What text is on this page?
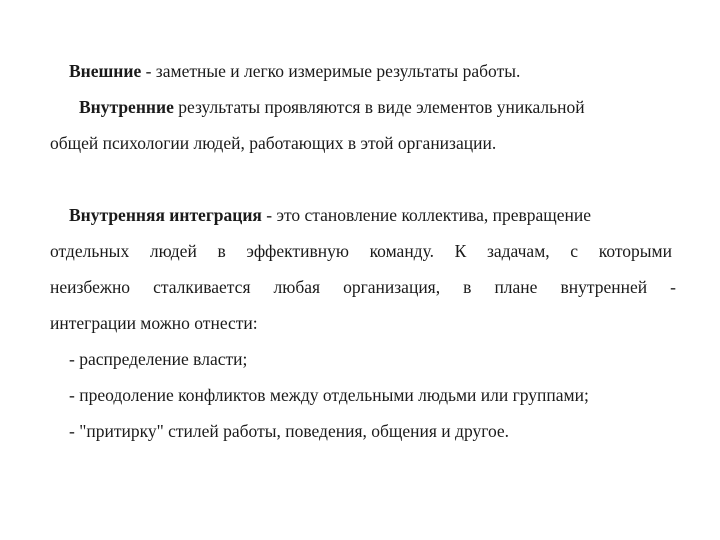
Внешние - заметные и легко измеримые результаты работы.
Внутренние результаты проявляются в виде элементов уникальной
общей психологии людей, работающих в этой организации.
Внутренняя интеграция - это становление коллектива, превращение
отдельных людей в эффективную команду. К задачам, с которыми
неизбежно сталкивается любая организация, в плане внутренней -
интеграции можно отнести:
- распределение власти;
- преодоление конфликтов между отдельными людьми или группами;
- "притирку" стилей работы, поведения, общения и другое.
